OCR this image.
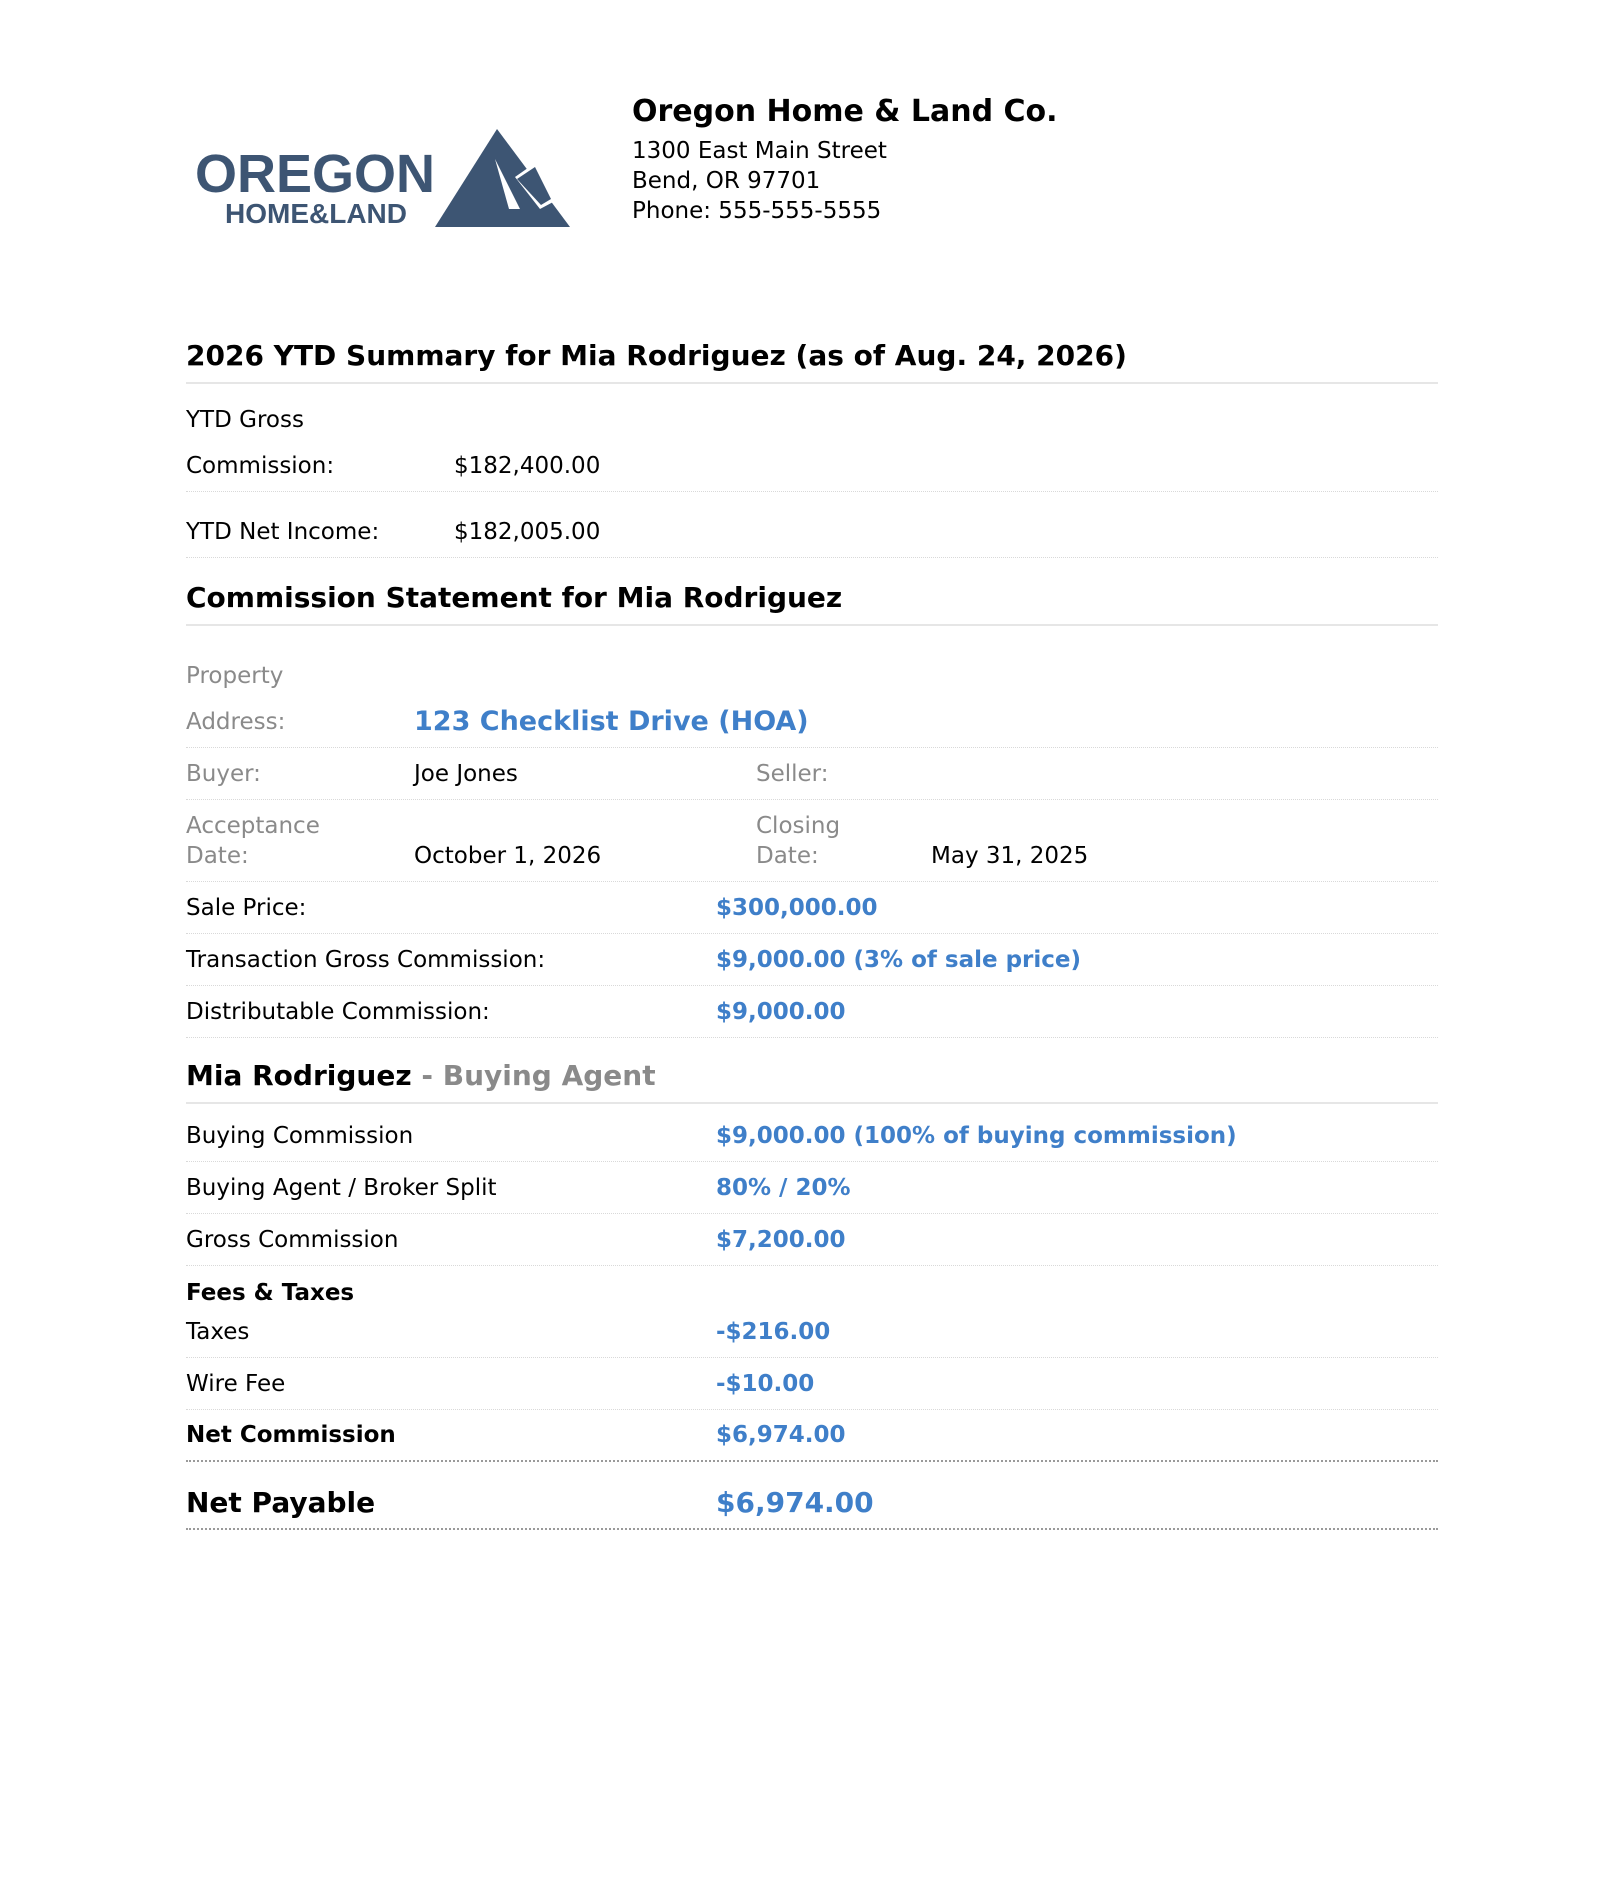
OREGON
HOME&LAND
Oregon Home & Land Co.
1300 East Main Street
Bend, OR 97701
Phone: 555-555-5555
2026 YTD Summary for Mia Rodriguez (as of Aug. 24, 2026)
YTD Gross
Commission:	$182,400.00
YTD Net Income:	$182,005.00
Commission Statement for Mia Rodriguez
Property
Address:	123 Checklist Drive (HOA)
Buyer:	Joe Jones	Seller:
Acceptance
Date:	October 1, 2026
Closing
Date:	May 31, 2025
Sale Price:	$300,000.00
Transaction Gross Commission:	$9,000.00 (3% of sale price)
Distributable Commission:	$9,000.00
Mia Rodriguez - Buying Agent
Buying Commission	$9,000.00 (100% of buying commission)
Buying Agent / Broker Split	80% / 20%
Gross Commission	$7,200.00
Fees & Taxes
Taxes	-$216.00
Wire Fee	-$10.00
Net Commission	$6,974.00
Net Payable	$6,974.00
